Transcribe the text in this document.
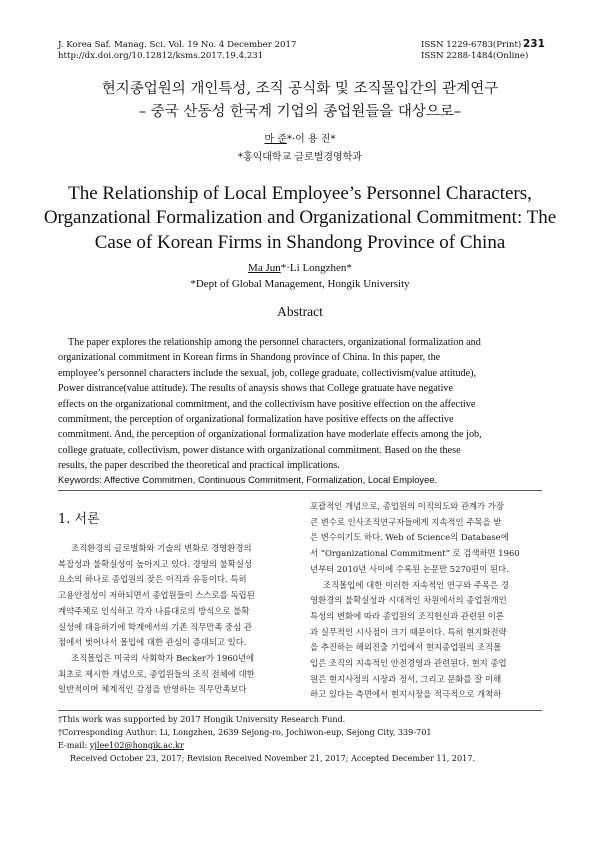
J. Korea Saf. Manag. Sci. Vol. 19 No. 4 December 2017
http://dx.doi.org/10.12812/ksms.2017.19.4.231
ISSN 1229-6783(Print) 231
ISSN 2288-1484(Online)
현지종업원의 개인특성, 조직 공식화 및 조직몰입간의 관계연구
– 중국 산동성 한국계 기업의 종업원들을 대상으로–
마 준*·이 용 진*
*홍익대학교 글로벌경영학과
The Relationship of Local Employee’s Personnel Characters,
Organzational Formalization and Organizational Commitment: The
Case of Korean Firms in Shandong Province of China
Ma Jun*·Li Longzhen*
*Dept of Global Management, Hongik University
Abstract
The paper explores the relationship among the personnel characters, organizational formalization and
organizational commitment in Korean firms in Shandong province of China. In this paper, the
employee’s personnel characters include the sexual, job, college graduate, collectivism(value attitude),
Power distrance(value attitude). The results of anaysis shows that College gratuate have negative
effects on the organizational commitment, and the collectivism have positive effection on the affective
commitment, the perception of organizational formalization have positive effects on the affective
commitment. And, the perception of organizational formalization have moderlate effects among the job,
college gratuate, collectivism, power distance with organizational commitment. Based on the these
results, the paper described the theoretical and practical implications.
Keywords: Affective Commitmen, Continuous Commitment, Formalization, Local Employee.
1. 서론

조직환경의 글로벌화와 기술의 변화로 경영환경의

복잡성과 불확실성이 높아지고 있다. 경영의 불확실성

요소의 하나로 종업원의 잦은 이직과 유동이다. 특히

고용안정성이 저하되면서 종업원들이 스스로를 독립된

계약주체로 인식하고 각자 나름대로의 방식으로 불확

실성에 대응하기에 학계에서의 기존 직무만족 중심 관

점에서 벗어나서 몰입에 대한 관심이 증대되고 있다.

조직몰입은 미국의 사회학자 Becker가 1960년에

최초로 제시한 개념으로, 종업원들의 조직 전체에 대한

일반적이며 체계적인 감정을 반영하는 직무만족보다

포괄적인 개념으로, 종업원의 이직의도와 관계가 가장

큰 변수로 인사조직연구자들에게 지속적인 주목을 받

은 변수이기도 하다. Web of Science의 Database에

서 “Organizational Commitment” 로 검색하면 1960

년부터 2010년 사이에 수록된 논문만 5270편이 된다.

조직몰입에 대한 이러한 지속적인 연구와 주목은 경

영환경의 불확실성과 시대적인 차원에서의 종업원개인

특성의 변화에 따라 종업원의 조직헌신과 관련된 이론

과 실무적인 시사점이 크기 때문이다. 특히 현지화전략

을 추진하는 해외진출 기업에서 현지종업원의 조직몰

입은 조직의 지속적인 안전경영과 관련된다. 현지 종업

원은 현지사정의 시장과 정서, 그리고 문화를 잘 이해

하고 있다는 측면에서 현지시장을 적극적으로 개척하

†This work was supported by 2017 Hongik University Research Fund.
†Corresponding Authur: Li, Longzhen, 2639 Sejong-ro, Jochiwon-eup, Sejong City, 339-701
E-mail: yjlee102@hongik.ac.kr
Received October 23, 2017; Revision Received November 21, 2017; Accepted December 11, 2017.
